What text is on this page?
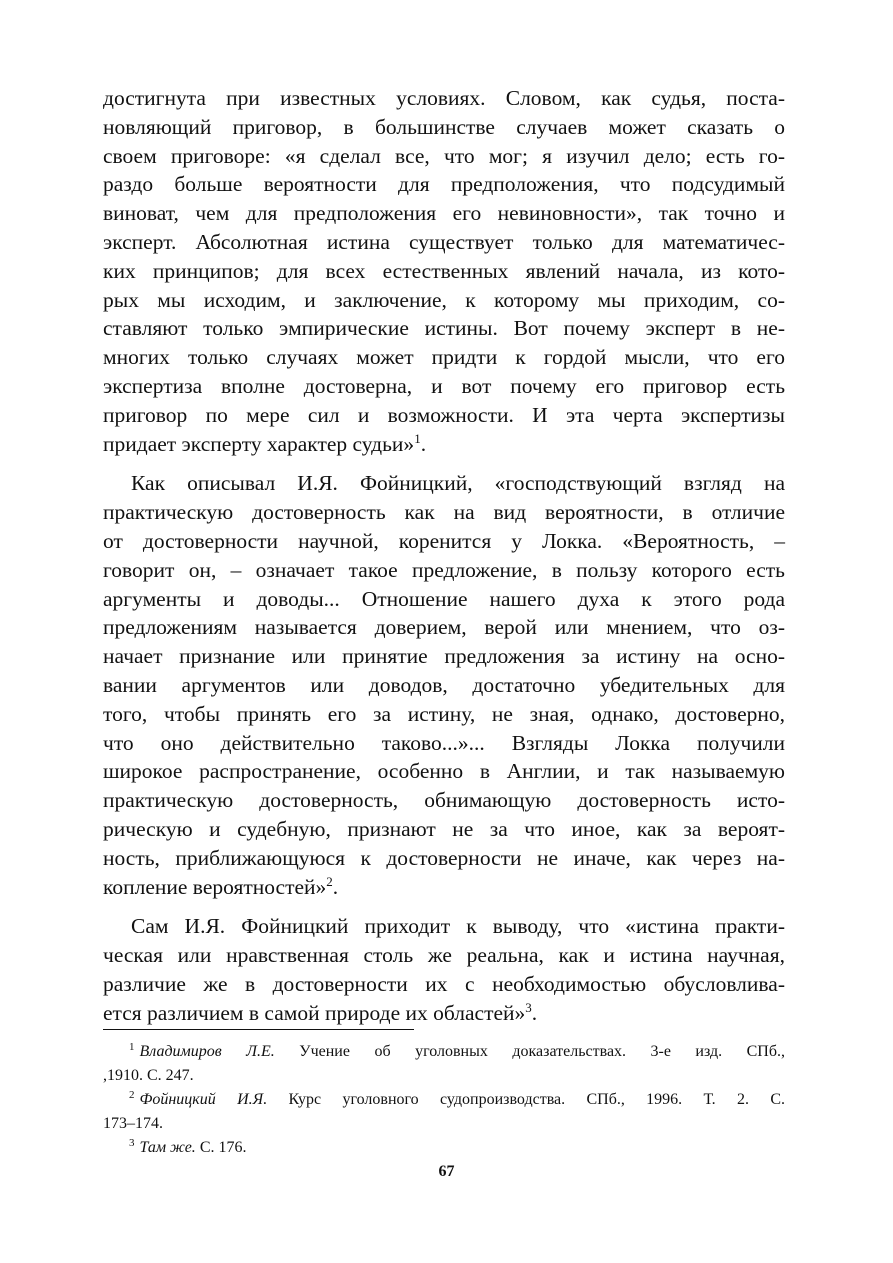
достигнута при известных условиях. Словом, как судья, поста-
новляющий приговор, в большинстве случаев может сказать о
своем приговоре: «я сделал все, что мог; я изучил дело; есть го-
раздо больше вероятности для предположения, что подсудимый
виноват, чем для предположения его невиновности», так точно и
эксперт. Абсолютная истина существует только для математичес-
ких принципов; для всех естественных явлений начала, из кото-
рых мы исходим, и заключение, к которому мы приходим, со-
ставляют только эмпирические истины. Вот почему эксперт в не-
многих только случаях может придти к гордой мысли, что его
экспертиза вполне достоверна, и вот почему его приговор есть
приговор по мере сил и возможности. И эта черта экспертизы
придает эксперту характер судьи»$^1$.

Как описывал И.Я. Фойницкий, «господствующий взгляд на
практическую достоверность как на вид вероятности, в отличие
от достоверности научной, коренится у Локка. «Вероятность, –
говорит он, – означает такое предложение, в пользу которого есть
аргументы и доводы... Отношение нашего духа к этого рода
предложениям называется доверием, верой или мнением, что оз-
начает признание или принятие предложения за истину на осно-
вании аргументов или доводов, достаточно убедительных для
того, чтобы принять его за истину, не зная, однако, достоверно,
что оно действительно таково...»... Взгляды Локка получили
широкое распространение, особенно в Англии, и так называемую
практическую достоверность, обнимающую достоверность исто-
рическую и судебную, признают не за что иное, как за вероят-
ность, приближающуюся к достоверности не иначе, как через на-
копление вероятностей»$^2$.

Сам И.Я. Фойницкий приходит к выводу, что «истина практи-
ческая или нравственная столь же реальна, как и истина научная,
различие же в достоверности их с необходимостью обусловлива-
ется различием в самой природе их областей»$^3$.

$^1$ Владимиров Л.Е. Учение об уголовных доказательствах. 3-е изд. СПб.,
,1910. С. 247.
$^2$ Фойницкий И.Я. Курс уголовного судопроизводства. СПб., 1996. Т. 2. С.
173–174.
$^3$ Там же. С. 176.
67
